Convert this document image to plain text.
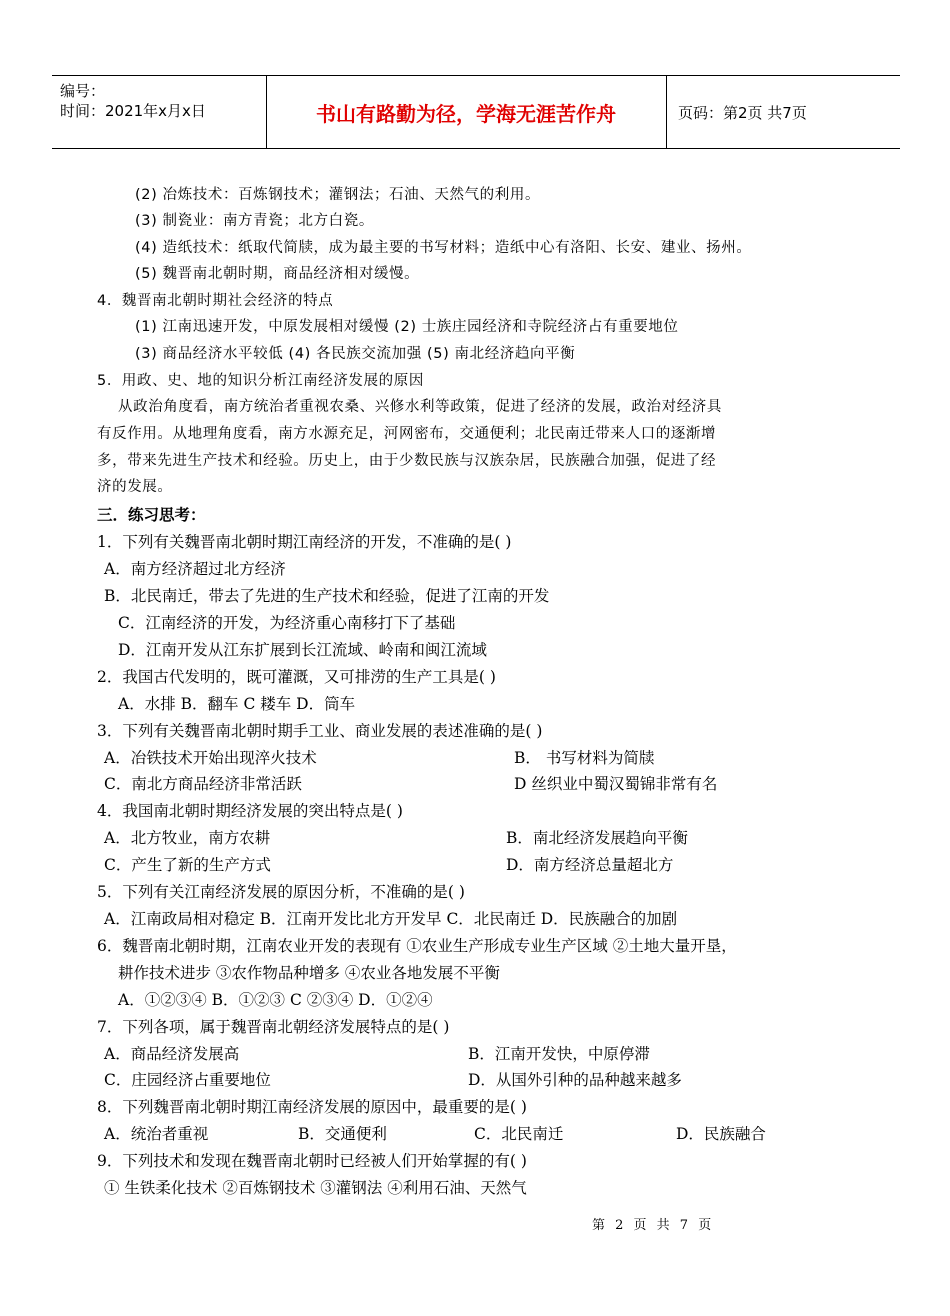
编号：
时间：2021年x月x日	书山有路勤为径，学海无涯苦作舟	页码：第2页 共7页
(2) 冶炼技术：百炼钢技术；灌钢法；石油、天然气的利用。
(3) 制瓷业：南方青瓷；北方白瓷。
(4) 造纸技术：纸取代简牍，成为最主要的书写材料；造纸中心有洛阳、长安、建业、扬州。
(5) 魏晋南北朝时期，商品经济相对缓慢。
4．魏晋南北朝时期社会经济的特点
(1) 江南迅速开发，中原发展相对缓慢 (2) 士族庄园经济和寺院经济占有重要地位
(3) 商品经济水平较低 (4) 各民族交流加强 (5) 南北经济趋向平衡
5．用政、史、地的知识分析江南经济发展的原因
从政治角度看，南方统治者重视农桑、兴修水利等政策，促进了经济的发展，政治对经济具
有反作用。从地理角度看，南方水源充足，河网密布，交通便利；北民南迁带来人口的逐渐增
多，带来先进生产技术和经验。历史上，由于少数民族与汉族杂居，民族融合加强，促进了经
济的发展。
三．练习思考：
1．下列有关魏晋南北朝时期江南经济的开发，不准确的是( )
A．南方经济超过北方经济
B．北民南迁，带去了先进的生产技术和经验，促进了江南的开发
C．江南经济的开发，为经济重心南移打下了基础
D．江南开发从江东扩展到长江流域、岭南和闽江流域
2．我国古代发明的，既可灌溉，又可排涝的生产工具是( )
A．水排 B．翻车 C 耧车 D．筒车
3．下列有关魏晋南北朝时期手工业、商业发展的表述准确的是( )
A．冶铁技术开始出现淬火技术	B． 书写材料为简牍
C．南北方商品经济非常活跃	D 丝织业中蜀汉蜀锦非常有名
4．我国南北朝时期经济发展的突出特点是( )
A．北方牧业，南方农耕	B．南北经济发展趋向平衡
C．产生了新的生产方式	D．南方经济总量超北方
5．下列有关江南经济发展的原因分析，不准确的是( )
A．江南政局相对稳定 B．江南开发比北方开发早 C．北民南迁 D．民族融合的加剧
6．魏晋南北朝时期，江南农业开发的表现有 ①农业生产形成专业生产区域 ②土地大量开垦，
耕作技术进步 ③农作物品种增多 ④农业各地发展不平衡
A．①②③④ B．①②③ C ②③④ D．①②④
7．下列各项，属于魏晋南北朝经济发展特点的是( )
A．商品经济发展高	B．江南开发快，中原停滞
C．庄园经济占重要地位	D．从国外引种的品种越来越多
8．下列魏晋南北朝时期江南经济发展的原因中，最重要的是( )
A．统治者重视	B．交通便利	C．北民南迁	D．民族融合
9．下列技术和发现在魏晋南北朝时已经被人们开始掌握的有( )
① 生铁柔化技术 ②百炼钢技术 ③灌钢法 ④利用石油、天然气
第 2 页 共 7 页
